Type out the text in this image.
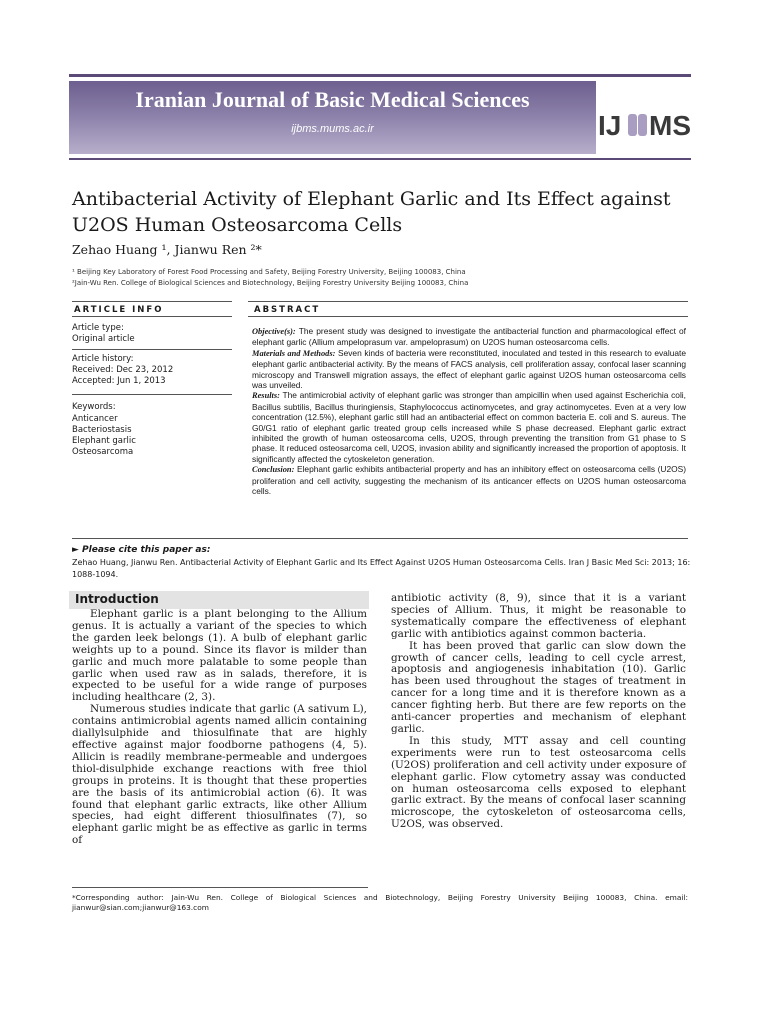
Iranian Journal of Basic Medical Sciences
ijbms.mums.ac.ir	IJ MS
Antibacterial Activity of Elephant Garlic and Its Effect against U2OS Human Osteosarcoma Cells
Zehao Huang ¹, Jianwu Ren ²*
¹ Beijing Key Laboratory of Forest Food Processing and Safety, Beijing Forestry University, Beijing 100083, China
²Jain-Wu Ren. College of Biological Sciences and Biotechnology, Beijing Forestry University Beijing 100083, China
ARTICLE INFO	ABSTRACT
Article type:
Original article
Article history:
Received: Dec 23, 2012
Accepted: Jun 1, 2013
Keywords:
Anticancer
Bacteriostasis
Elephant garlic
Osteosarcoma
Objective(s): The present study was designed to investigate the antibacterial function and pharmacological effect of elephant garlic (Allium ampeloprasum var. ampeloprasum) on U2OS human osteosarcoma cells.
Materials and Methods: Seven kinds of bacteria were reconstituted, inoculated and tested in this research to evaluate elephant garlic antibacterial activity. By the means of FACS analysis, cell proliferation assay, confocal laser scanning microscopy and Transwell migration assays, the effect of elephant garlic against U2OS human osteosarcoma cells was unveiled.
Results: The antimicrobial activity of elephant garlic was stronger than ampicillin when used against Escherichia coli, Bacillus subtilis, Bacillus thuringiensis, Staphylococcus actinomycetes, and gray actinomycetes. Even at a very low concentration (12.5%), elephant garlic still had an antibacterial effect on common bacteria E. coli and S. aureus. The G0/G1 ratio of elephant garlic treated group cells increased while S phase decreased. Elephant garlic extract inhibited the growth of human osteosarcoma cells, U2OS, through preventing the transition from G1 phase to S phase. It reduced osteosarcoma cell, U2OS, invasion ability and significantly increased the proportion of apoptosis. It significantly affected the cytoskeleton generation.
Conclusion: Elephant garlic exhibits antibacterial property and has an inhibitory effect on osteosarcoma cells (U2OS) proliferation and cell activity, suggesting the mechanism of its anticancer effects on U2OS human osteosarcoma cells.
► Please cite this paper as:
Zehao Huang, Jianwu Ren. Antibacterial Activity of Elephant Garlic and Its Effect Against U2OS Human Osteosarcoma Cells. Iran J Basic Med Sci: 2013; 16: 1088-1094.
Introduction

Elephant garlic is a plant belonging to the Allium genus. It is actually a variant of the species to which the garden leek belongs (1). A bulb of elephant garlic weights up to a pound. Since its flavor is milder than garlic and much more palatable to some people than garlic when used raw as in salads, therefore, it is expected to be useful for a wide range of purposes including healthcare (2, 3).

Numerous studies indicate that garlic (A sativum L), contains antimicrobial agents named allicin containing diallylsulphide and thiosulfinate that are highly effective against major foodborne pathogens (4, 5). Allicin is readily membrane-permeable and undergoes thiol-disulphide exchange reactions with free thiol groups in proteins. It is thought that these properties are the basis of its antimicrobial action (6). It was found that elephant garlic extracts, like other Allium species, had eight different thiosulfinates (7), so elephant garlic might be as effective as garlic in terms of

antibiotic activity (8, 9), since that it is a variant species of Allium. Thus, it might be reasonable to systematically compare the effectiveness of elephant garlic with antibiotics against common bacteria.

It has been proved that garlic can slow down the growth of cancer cells, leading to cell cycle arrest, apoptosis and angiogenesis inhabitation (10). Garlic has been used throughout the stages of treatment in cancer for a long time and it is therefore known as a cancer fighting herb. But there are few reports on the anti-cancer properties and mechanism of elephant garlic.

In this study, MTT assay and cell counting experiments were run to test osteosarcoma cells (U2OS) proliferation and cell activity under exposure of elephant garlic. Flow cytometry assay was conducted on human osteosarcoma cells exposed to elephant garlic extract. By the means of confocal laser scanning microscope, the cytoskeleton of osteosarcoma cells, U2OS, was observed.

*Corresponding author: Jain-Wu Ren. College of Biological Sciences and Biotechnology, Beijing Forestry University Beijing 100083, China. email: jianwur@sian.com;jianwur@163.com
